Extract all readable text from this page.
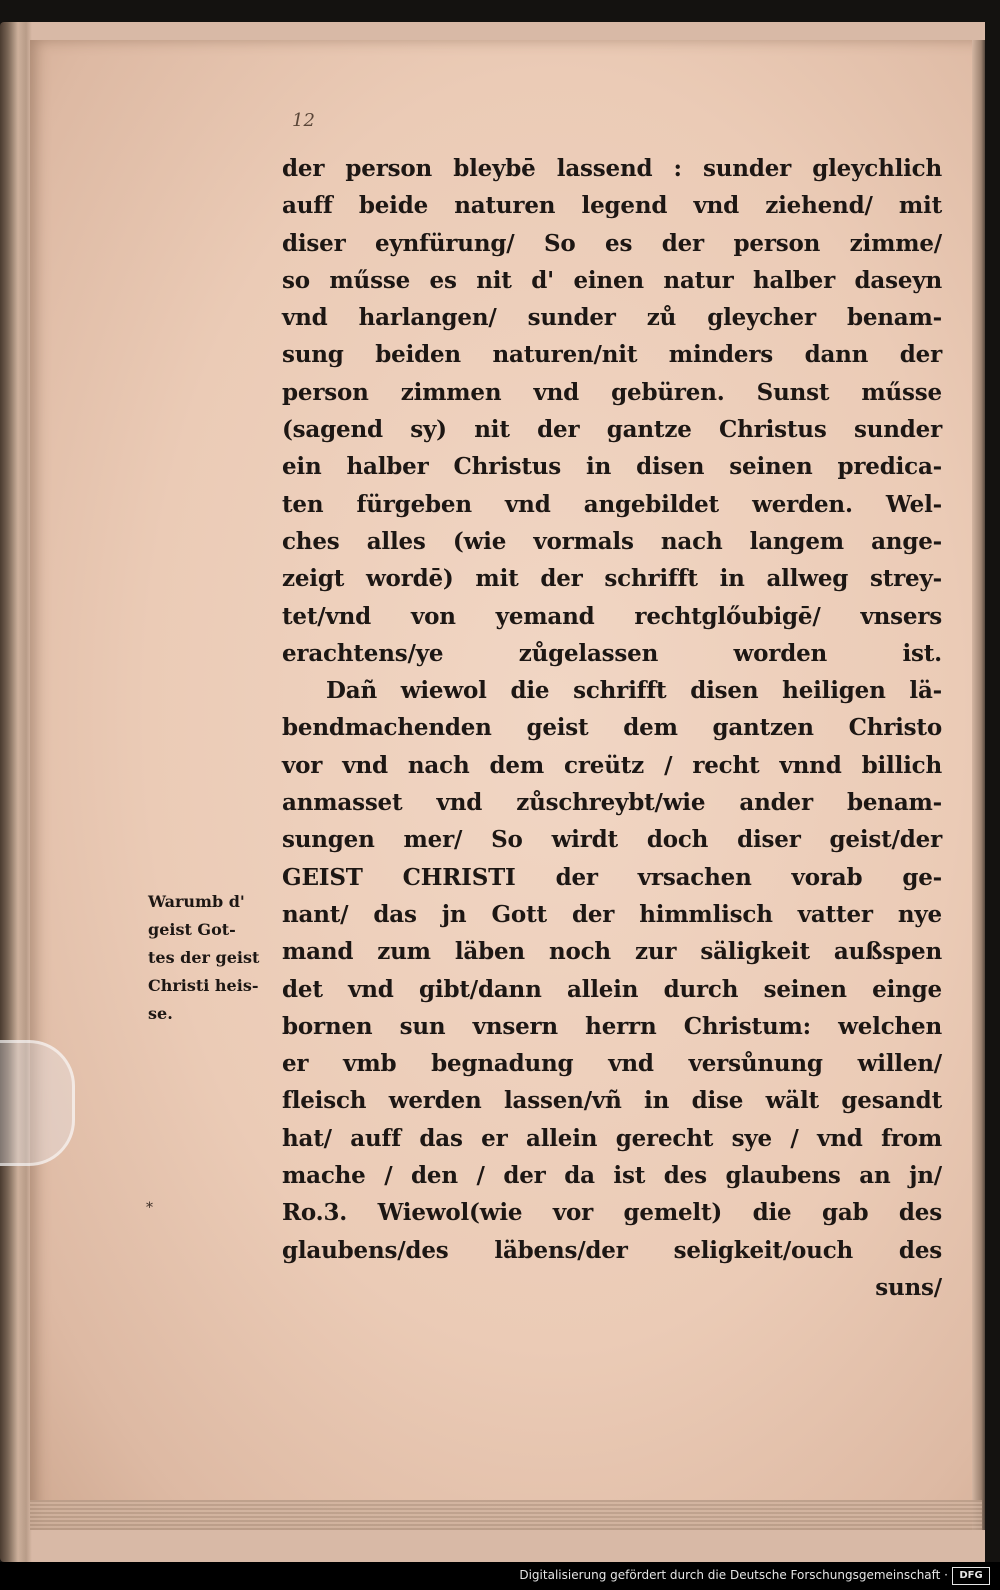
12
der person bleybē lassend : sunder gleychlich
auff beide naturen legend vnd ziehend/ mit
diser eynfürung/ So es der person zimme/
so műsse es nit d' einen natur halber daseyn
vnd harlangen/ sunder zů gleycher benam-
sung beiden naturen/nit minders dann der
person zimmen vnd gebüren. Sunst műsse
(sagend sy) nit der gantze Christus sunder
ein halber Christus in disen seinen predica-
ten fürgeben vnd angebildet werden. Wel-
ches alles (wie vormals nach langem ange-
zeigt wordē) mit der schrifft in allweg strey-
tet/vnd von yemand rechtglőubigē/ vnsers
erachtens/ye zůgelassen worden ist.
Dañ wiewol die schrifft disen heiligen lä-
bendmachenden geist dem gantzen Christo
vor vnd nach dem creütz / recht vnnd billich
anmasset vnd zůschreybt/wie ander benam-
sungen mer/ So wirdt doch diser geist/der
GEIST CHRISTI der vrsachen vorab ge-
nant/ das jn Gott der himmlisch vatter nye
mand zum läben noch zur säligkeit außspen
det vnd gibt/dann allein durch seinen einge
bornen sun vnsern herrn Christum: welchen
er vmb begnadung vnd versůnung willen/
fleisch werden lassen/vñ in dise wält gesandt
hat/ auff das er allein gerecht sye / vnd from
mache / den / der da ist des glaubens an jn/
Ro.3. Wiewol(wie vor gemelt) die gab des
glaubens/des läbens/der seligkeit/ouch des
suns/
Warumb d'
geist Got-
tes der geist
Christi heis-
se.
*
Digitalisierung gefördert durch die Deutsche Forschungsgemeinschaft ·	DFG
